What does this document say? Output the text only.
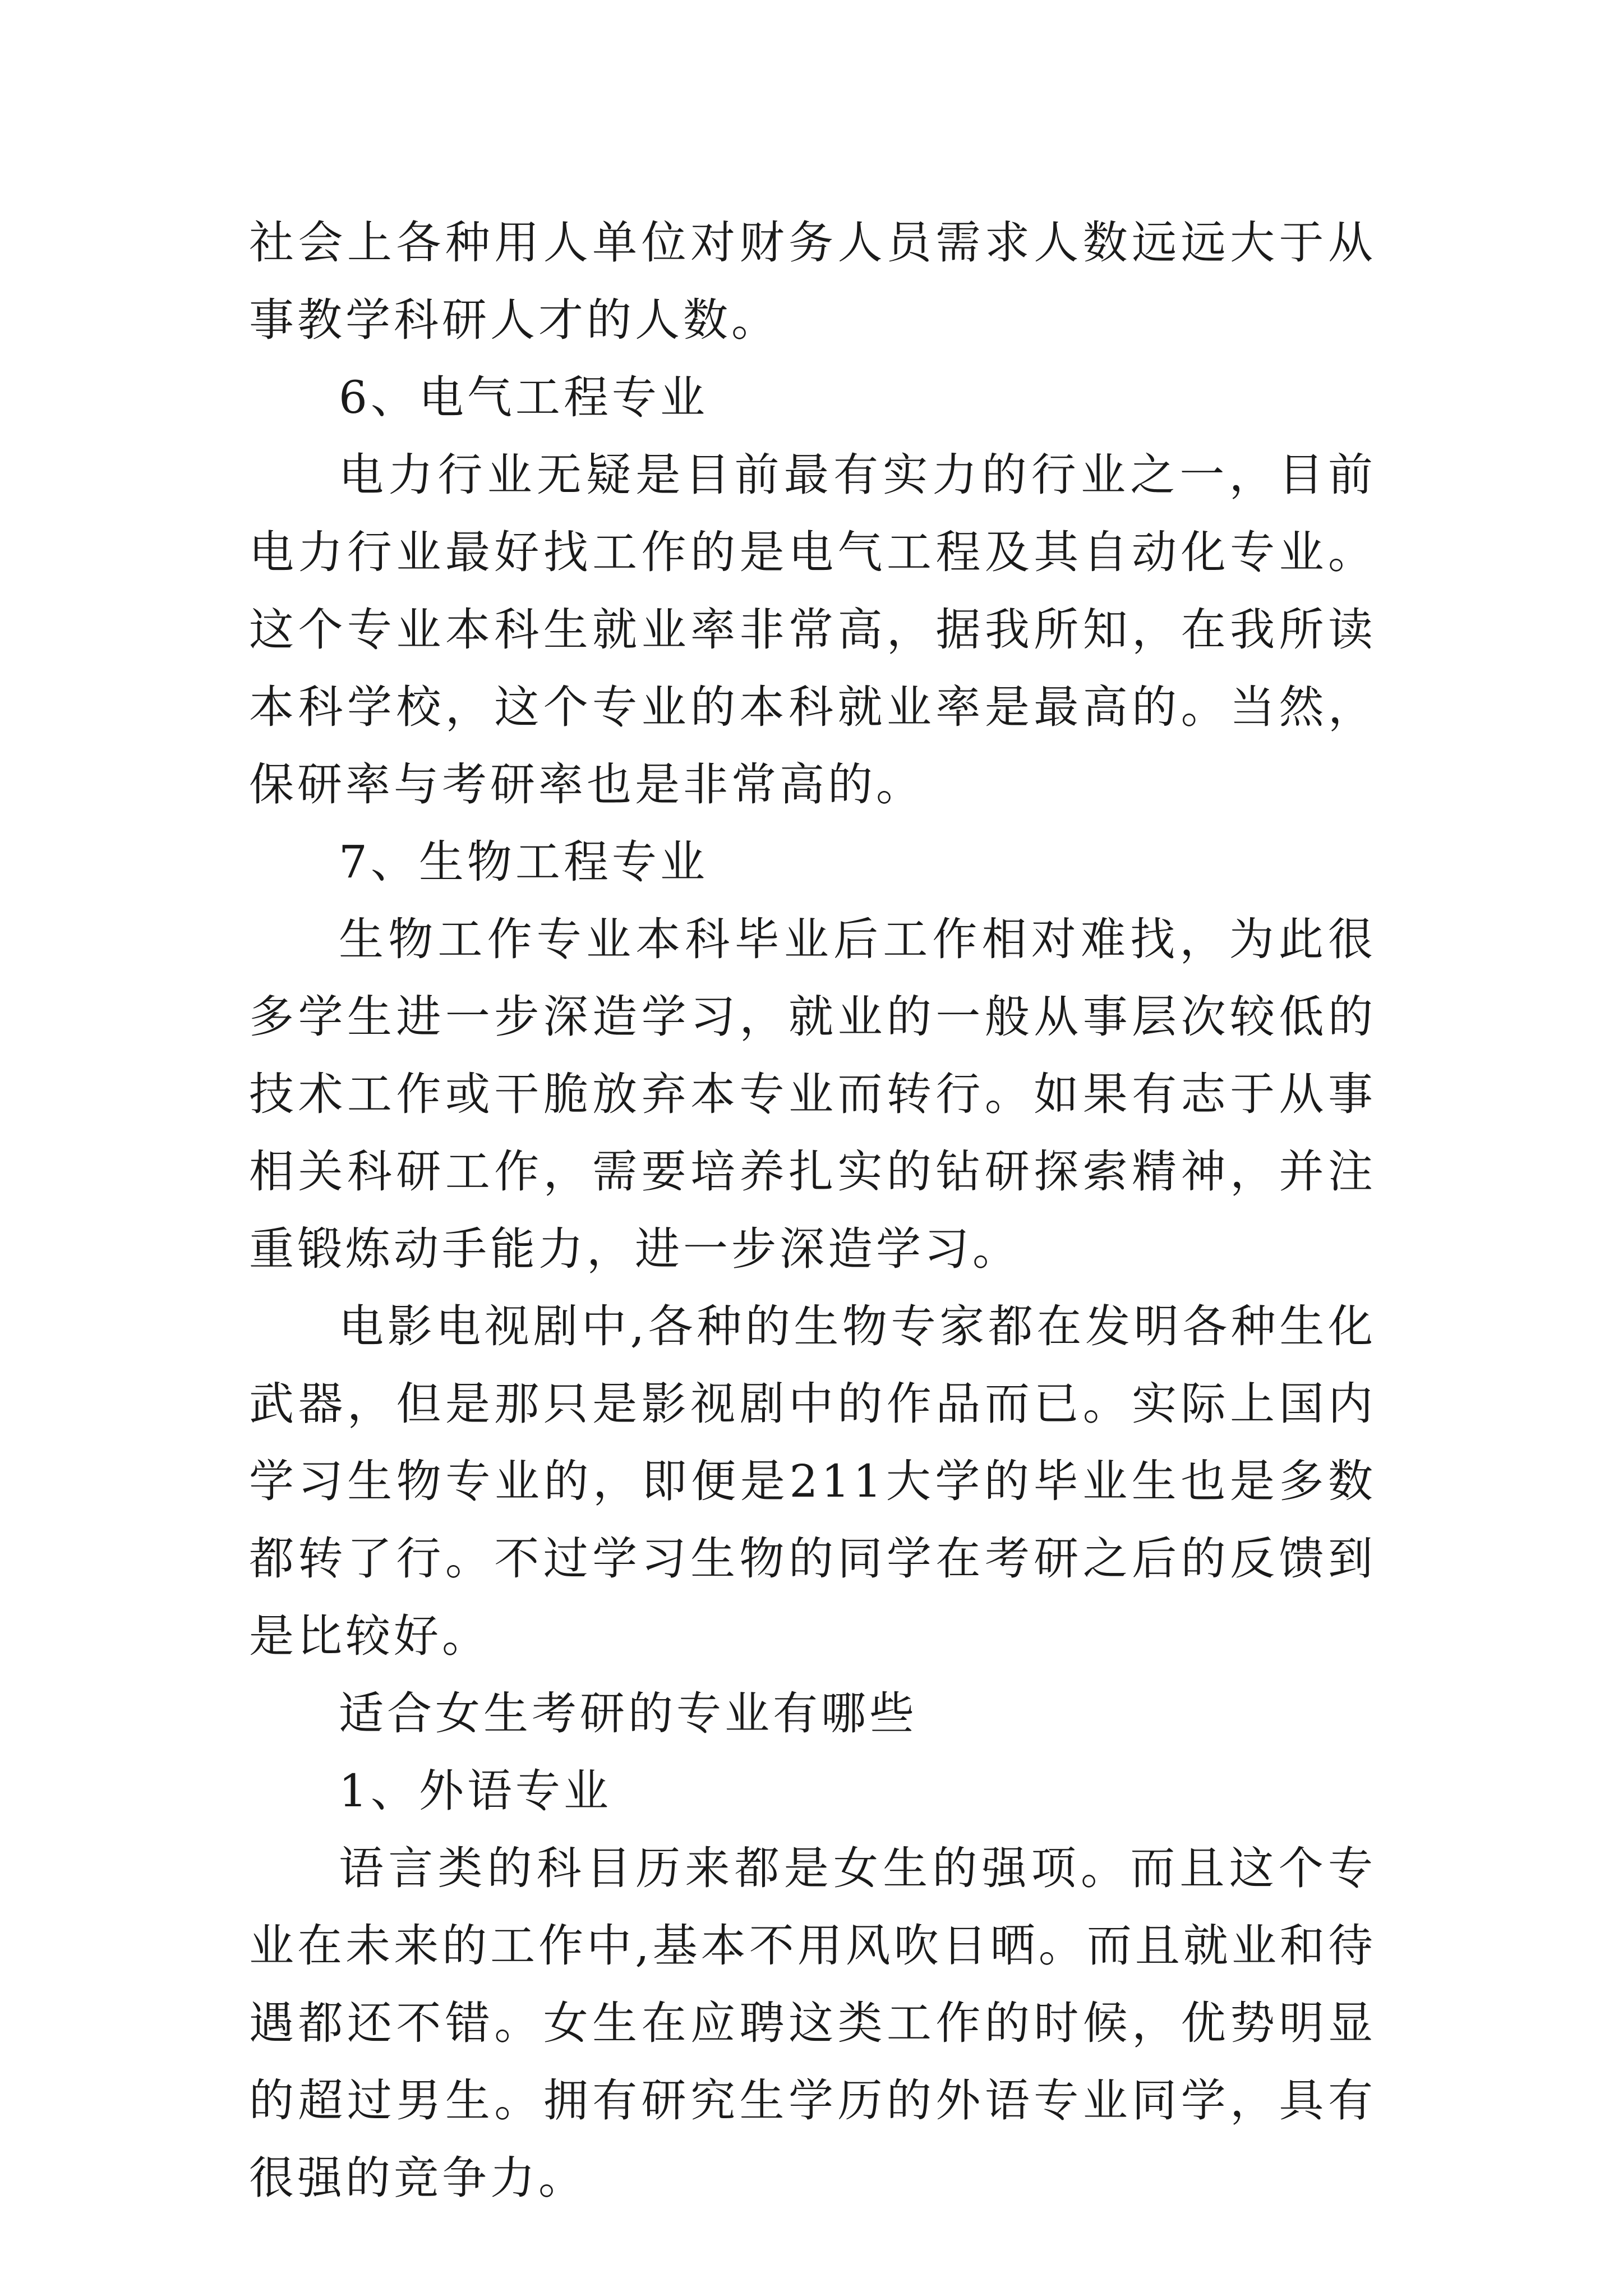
社会上各种用人单位对财务人员需求人数远远大于从事教学科研人才的人数。

6、电气工程专业

电力行业无疑是目前最有实力的行业之一，目前电力行业最好找工作的是电气工程及其自动化专业。这个专业本科生就业率非常高，据我所知，在我所读本科学校，这个专业的本科就业率是最高的。当然，保研率与考研率也是非常高的。

7、生物工程专业

生物工作专业本科毕业后工作相对难找，为此很多学生进一步深造学习，就业的一般从事层次较低的技术工作或干脆放弃本专业而转行。如果有志于从事相关科研工作，需要培养扎实的钻研探索精神，并注重锻炼动手能力，进一步深造学习。

电影电视剧中,各种的生物专家都在发明各种生化武器，但是那只是影视剧中的作品而已。实际上国内学习生物专业的，即便是211大学的毕业生也是多数都转了行。不过学习生物的同学在考研之后的反馈到是比较好。

适合女生考研的专业有哪些

1、外语专业

语言类的科目历来都是女生的强项。而且这个专业在未来的工作中,基本不用风吹日晒。而且就业和待遇都还不错。女生在应聘这类工作的时候，优势明显的超过男生。拥有研究生学历的外语专业同学，具有很强的竞争力。
